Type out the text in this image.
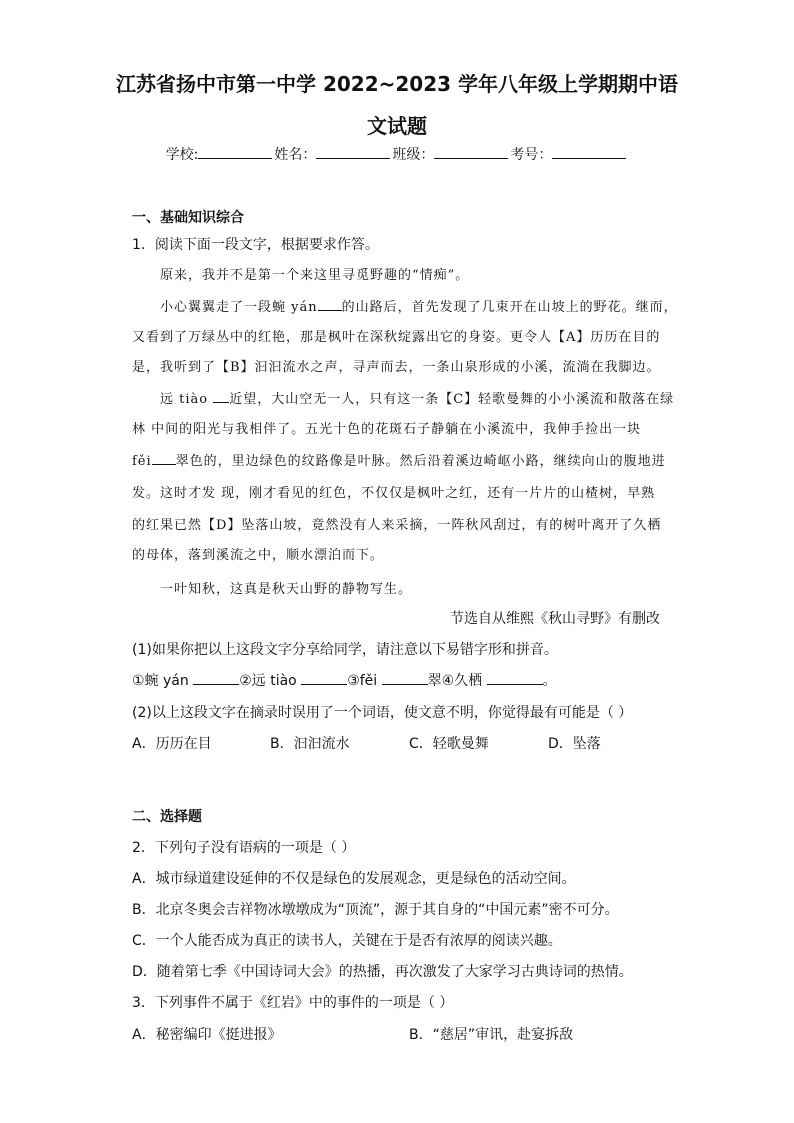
江苏省扬中市第一中学 2022~2023 学年八年级上学期期中语
文试题
学校:	姓名：	班级：	考号：
一、基础知识综合
1．阅读下面一段文字，根据要求作答。
原来，我并不是第一个来这里寻觅野趣的“情痴”。
小心翼翼走了一段蜿 yán 的山路后，首先发现了几束开在山坡上的野花。继而，
又看到了万绿丛中的红艳，那是枫叶在深秋绽露出它的身姿。更令人【A】历历在目的
是，我听到了【B】汩汩流水之声，寻声而去，一条山泉形成的小溪，流淌在我脚边。
远 tiào 近望，大山空无一人，只有这一条【C】轻歌曼舞的小小溪流和散落在绿
林 中间的阳光与我相伴了。五光十色的花斑石子静躺在小溪流中，我伸手捡出一块
fěi 翠色的，里边绿色的纹路像是叶脉。然后沿着溪边崎岖小路，继续向山的腹地进
发。这时才发 现，刚才看见的红色，不仅仅是枫叶之红，还有一片片的山楂树，早熟
的红果已然【D】坠落山坡，竟然没有人来采摘，一阵秋风刮过，有的树叶离开了久栖
的母体，落到溪流之中，顺水漂泊而下。
一叶知秋，这真是秋天山野的静物写生。
节选自从维熙《秋山寻野》有删改
(1)如果你把以上这段文字分享给同学，请注意以下易错字形和拼音。
①蜿 yán	②远 tiào	③fěi	翠④久栖	。
(2)以上这段文字在摘录时误用了一个词语，使文意不明，你觉得最有可能是（ ）
A．历历在目	B．汩汩流水	C．轻歌曼舞	D．坠落
二、选择题
2．下列句子没有语病的一项是（ ）
A．城市绿道建设延伸的不仅是绿色的发展观念，更是绿色的活动空间。
B．北京冬奥会吉祥物冰墩墩成为“顶流”，源于其自身的“中国元素”密不可分。
C．一个人能否成为真正的读书人，关键在于是否有浓厚的阅读兴趣。
D．随着第七季《中国诗词大会》的热播，再次激发了大家学习古典诗词的热情。
3．下列事件不属于《红岩》中的事件的一项是（ ）
A．秘密编印《挺进报》	B．“慈居”审讯，赴宴拆敌
